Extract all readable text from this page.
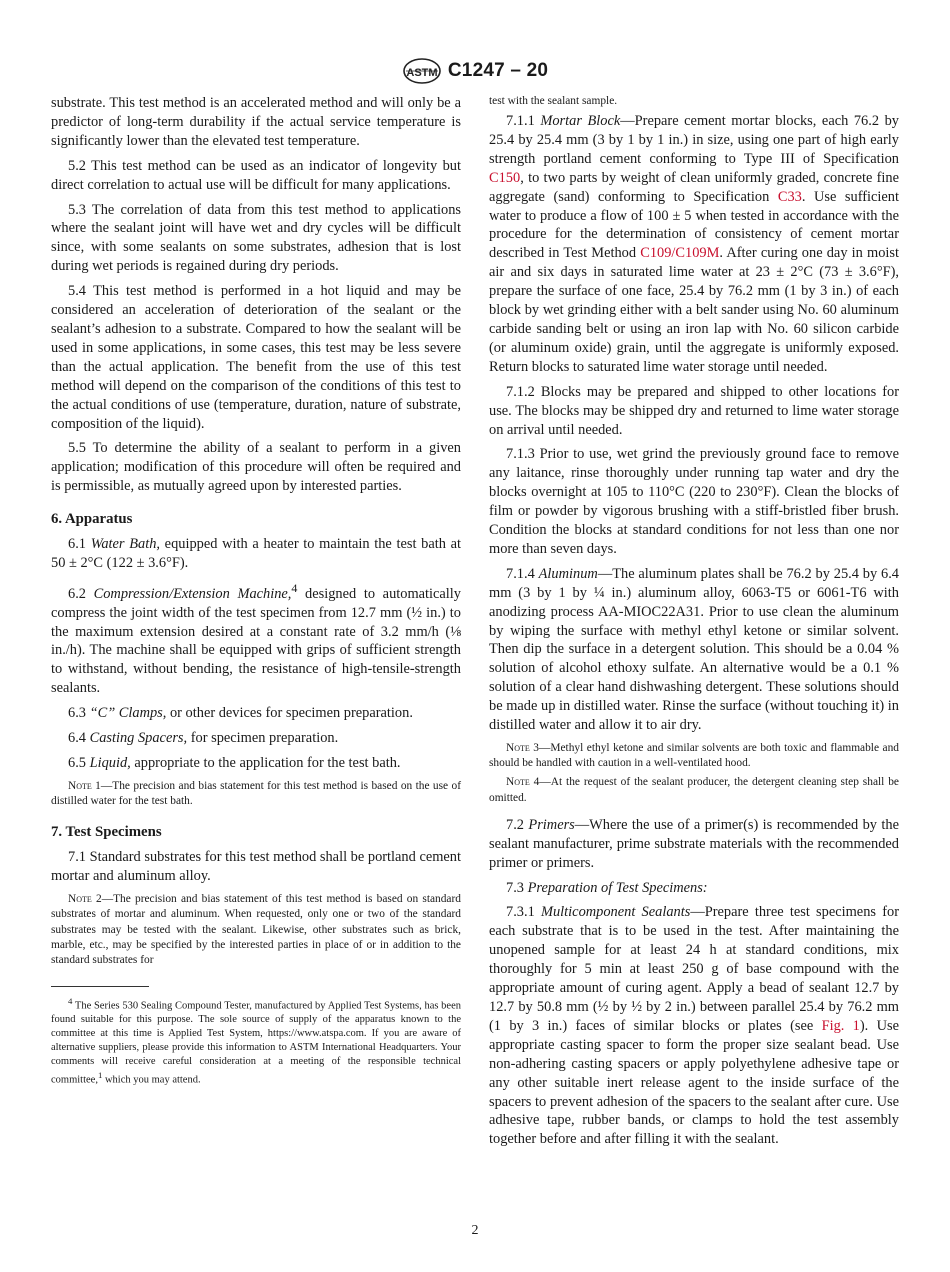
ASTM C1247 – 20

substrate. This test method is an accelerated method and will only be a predictor of long-term durability if the actual service temperature is significantly lower than the elevated test temperature.

5.2 This test method can be used as an indicator of longevity but direct correlation to actual use will be difficult for many applications.

5.3 The correlation of data from this test method to applications where the sealant joint will have wet and dry cycles will be difficult since, with some sealants on some substrates, adhesion that is lost during wet periods is regained during dry periods.

5.4 This test method is performed in a hot liquid and may be considered an acceleration of deterioration of the sealant or the sealant’s adhesion to a substrate. Compared to how the sealant will be used in some applications, in some cases, this test may be less severe than the actual application. The benefit from the use of this test method will depend on the comparison of the conditions of this test to the actual conditions of use (temperature, duration, nature of substrate, composition of the liquid).

5.5 To determine the ability of a sealant to perform in a given application; modification of this procedure will often be required and is permissible, as mutually agreed upon by interested parties.

6. Apparatus

6.1 Water Bath, equipped with a heater to maintain the test bath at 50 ± 2°C (122 ± 3.6°F).

6.2 Compression/Extension Machine,$^4$ designed to automatically compress the joint width of the test specimen from 12.7 mm (½ in.) to the maximum extension desired at a constant rate of 3.2 mm/h (⅛ in./h). The machine shall be equipped with grips of sufficient strength to withstand, without bending, the resistance of high-tensile-strength sealants.

6.3 “C” Clamps, or other devices for specimen preparation.

6.4 Casting Spacers, for specimen preparation.

6.5 Liquid, appropriate to the application for the test bath.

Note 1—The precision and bias statement for this test method is based on the use of distilled water for the test bath.

7. Test Specimens

7.1 Standard substrates for this test method shall be portland cement mortar and aluminum alloy.

Note 2—The precision and bias statement of this test method is based on standard substrates of mortar and aluminum. When requested, only one or two of the standard substrates may be tested with the sealant. Likewise, other substrates such as brick, marble, etc., may be specified by the interested parties in place of or in addition to the standard substrates for

$^4$ The Series 530 Sealing Compound Tester, manufactured by Applied Test Systems, has been found suitable for this purpose. The sole source of supply of the apparatus known to the committee at this time is Applied Test System, https://www.atspa.com. If you are aware of alternative suppliers, please provide this information to ASTM International Headquarters. Your comments will receive careful consideration at a meeting of the responsible technical committee,$^1$ which you may attend.

test with the sealant sample.

7.1.1 Mortar Block—Prepare cement mortar blocks, each 76.2 by 25.4 by 25.4 mm (3 by 1 by 1 in.) in size, using one part of high early strength portland cement conforming to Type III of Specification C150, to two parts by weight of clean uniformly graded, concrete fine aggregate (sand) conforming to Specification C33. Use sufficient water to produce a flow of 100 ± 5 when tested in accordance with the procedure for the determination of consistency of cement mortar described in Test Method C109/C109M. After curing one day in moist air and six days in saturated lime water at 23 ± 2°C (73 ± 3.6°F), prepare the surface of one face, 25.4 by 76.2 mm (1 by 3 in.) of each block by wet grinding either with a belt sander using No. 60 aluminum carbide sanding belt or using an iron lap with No. 60 silicon carbide (or aluminum oxide) grain, until the aggregate is uniformly exposed. Return blocks to saturated lime water storage until needed.

7.1.2 Blocks may be prepared and shipped to other locations for use. The blocks may be shipped dry and returned to lime water storage on arrival until needed.

7.1.3 Prior to use, wet grind the previously ground face to remove any laitance, rinse thoroughly under running tap water and dry the blocks overnight at 105 to 110°C (220 to 230°F). Clean the blocks of film or powder by vigorous brushing with a stiff-bristled fiber brush. Condition the blocks at standard conditions for not less than one nor more than seven days.

7.1.4 Aluminum—The aluminum plates shall be 76.2 by 25.4 by 6.4 mm (3 by 1 by ¼ in.) aluminum alloy, 6063-T5 or 6061-T6 with anodizing process AA-MIOC22A31. Prior to use clean the aluminum by wiping the surface with methyl ethyl ketone or similar solvent. Then dip the surface in a detergent solution. This should be a 0.04 % solution of alcohol ethoxy sulfate. An alternative would be a 0.1 % solution of a clear hand dishwashing detergent. These solutions should be made up in distilled water. Rinse the surface (without touching it) in distilled water and allow it to air dry.

Note 3—Methyl ethyl ketone and similar solvents are both toxic and flammable and should be handled with caution in a well-ventilated hood.

Note 4—At the request of the sealant producer, the detergent cleaning step shall be omitted.

7.2 Primers—Where the use of a primer(s) is recommended by the sealant manufacturer, prime substrate materials with the recommended primer or primers.

7.3 Preparation of Test Specimens:

7.3.1 Multicomponent Sealants—Prepare three test specimens for each substrate that is to be used in the test. After maintaining the unopened sample for at least 24 h at standard conditions, mix thoroughly for 5 min at least 250 g of base compound with the appropriate amount of curing agent. Apply a bead of sealant 12.7 by 12.7 by 50.8 mm (½ by ½ by 2 in.) between parallel 25.4 by 76.2 mm (1 by 3 in.) faces of similar blocks or plates (see Fig. 1). Use appropriate casting spacer to form the proper size sealant bead. Use non-adhering casting spacers or apply polyethylene adhesive tape or any other suitable inert release agent to the inside surface of the spacers to prevent adhesion of the spacers to the sealant after cure. Use adhesive tape, rubber bands, or clamps to hold the test assembly together before and after filling it with the sealant.

2
